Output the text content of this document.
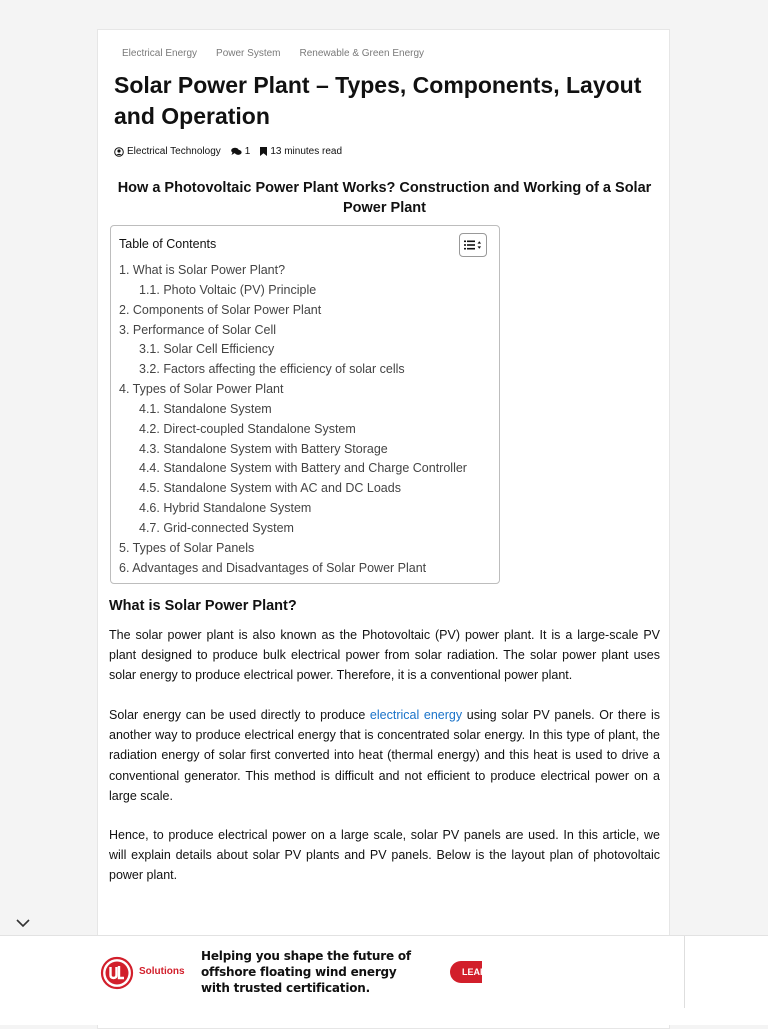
Electrical Energy Power System Renewable & Green Energy
Solar Power Plant – Types, Components, Layout and Operation
Electrical Technology 1 13 minutes read
How a Photovoltaic Power Plant Works? Construction and Working of a Solar Power Plant
Table of Contents
1. What is Solar Power Plant?
1.1. Photo Voltaic (PV) Principle
2. Components of Solar Power Plant
3. Performance of Solar Cell
3.1. Solar Cell Efficiency
3.2. Factors affecting the efficiency of solar cells
4. Types of Solar Power Plant
4.1. Standalone System
4.2. Direct-coupled Standalone System
4.3. Standalone System with Battery Storage
4.4. Standalone System with Battery and Charge Controller
4.5. Standalone System with AC and DC Loads
4.6. Hybrid Standalone System
4.7. Grid-connected System
5. Types of Solar Panels
6. Advantages and Disadvantages of Solar Power Plant
What is Solar Power Plant?

The solar power plant is also known as the Photovoltaic (PV) power plant. It is a large-scale PV plant designed to produce bulk electrical power from solar radiation. The solar power plant uses solar energy to produce electrical power. Therefore, it is a conventional power plant.

Solar energy can be used directly to produce electrical energy using solar PV panels. Or there is another way to produce electrical energy that is concentrated solar energy. In this type of plant, the radiation energy of solar first converted into heat (thermal energy) and this heat is used to drive a conventional generator. This method is difficult and not efficient to produce electrical power on a large scale.

Hence, to produce electrical power on a large scale, solar PV panels are used. In this article, we will explain details about solar PV plants and PV panels. Below is the layout plan of photovoltaic power plant.

Solutions
Helping you shape the future of offshore floating wind energy with trusted certification.
LEARN MORE
